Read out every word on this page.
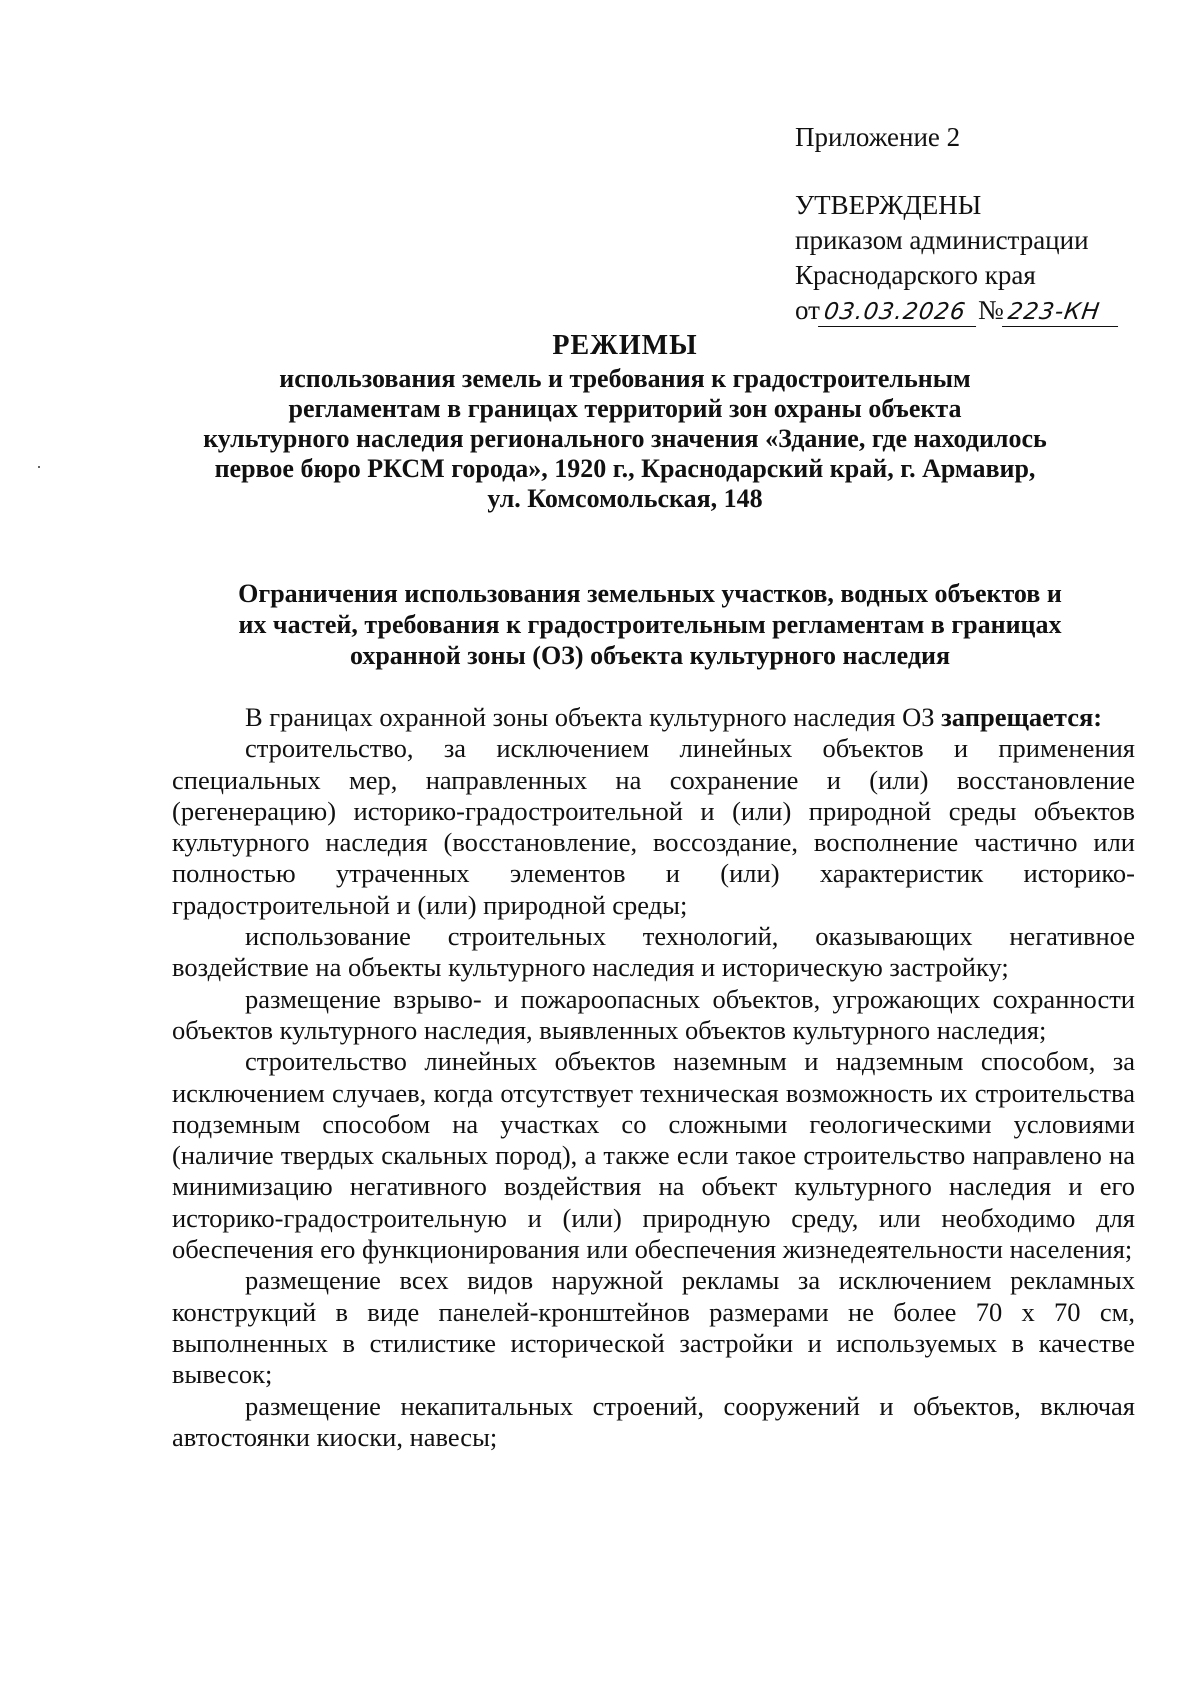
Приложение 2
УТВЕРЖДЕНЫ
приказом администрации
Краснодарского края
от03.03.2026 №223-КН
РЕЖИМЫ
использования земель и требования к градостроительным
регламентам в границах территорий зон охраны объекта
культурного наследия регионального значения «Здание, где находилось
первое бюро РКСМ города», 1920 г., Краснодарский край, г. Армавир,
ул. Комсомольская, 148
Ограничения использования земельных участков, водных объектов и
их частей, требования к градостроительным регламентам в границах
охранной зоны (ОЗ) объекта культурного наследия

В границах охранной зоны объекта культурного наследия ОЗ запрещается:

строительство, за исключением линейных объектов и применения специальных мер, направленных на сохранение и (или) восстановление (регенерацию) историко-градостроительной и (или) природной среды объектов культурного наследия (восстановление, воссоздание, восполнение частично или полностью утраченных элементов и (или) характеристик историко-градостроительной и (или) природной среды;

использование строительных технологий, оказывающих негативное воздействие на объекты культурного наследия и историческую застройку;

размещение взрыво- и пожароопасных объектов, угрожающих сохранности объектов культурного наследия, выявленных объектов культурного наследия;

строительство линейных объектов наземным и надземным способом, за исключением случаев, когда отсутствует техническая возможность их строительства подземным способом на участках со сложными геологическими условиями (наличие твердых скальных пород), а также если такое строительство направлено на минимизацию негативного воздействия на объект культурного наследия и его историко-градостроительную и (или) природную среду, или необходимо для обеспечения его функционирования или обеспечения жизнедеятельности населения;

размещение всех видов наружной рекламы за исключением рекламных конструкций в виде панелей-кронштейнов размерами не более 70 х 70 см, выполненных в стилистике исторической застройки и используемых в качестве вывесок;

размещение некапитальных строений, сооружений и объектов, включая автостоянки киоски, навесы;
